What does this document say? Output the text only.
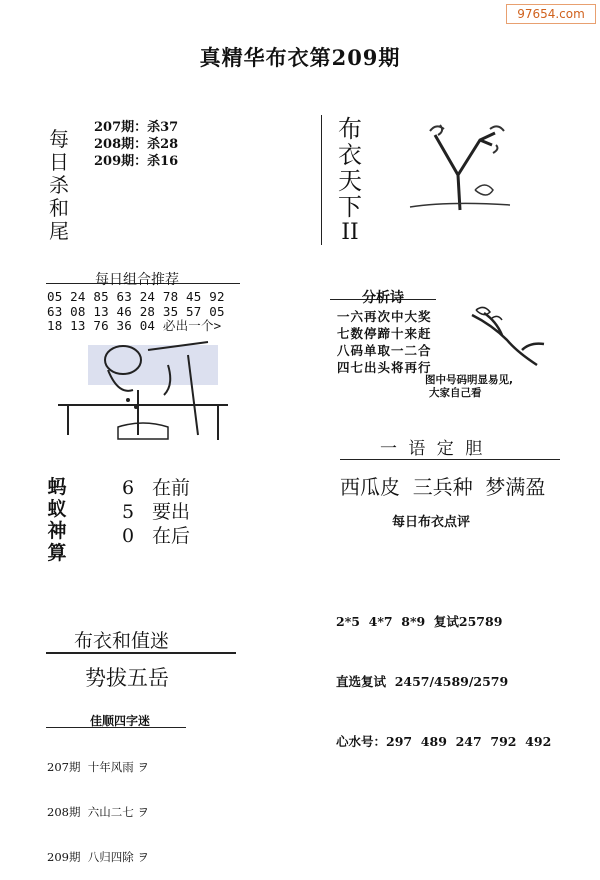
97654.com
真精华布衣第209期
每
日
杀
和
尾
207期：杀37
208期：杀28
209期：杀16
布
衣
天
下
II
每日组合推荐
05 24 85 63 24 78 45 92
63 08 13 46 28 35 57 05
18 13 76 36 04 必出一个>
分析诗
一六再次中大奖
七数停蹄十来赶
八码单取一二合
四七出头将再行
图中号码明显易见,
大家自己看
一 语 定 胆
西瓜皮  三兵种  梦满盈
每日布衣点评
蚂
蚁
神
算
6 在前
5 要出
0 在后

2*5  4*7  8*9  复试25789

直选复试  2457/4589/2579

心水号：297  489  247  792  492

布衣和值迷
势拔五岳
佳顺四字迷

207期  十年风雨 ヲ

208期  六山二七 ヲ

209期  八归四除 ヲ
